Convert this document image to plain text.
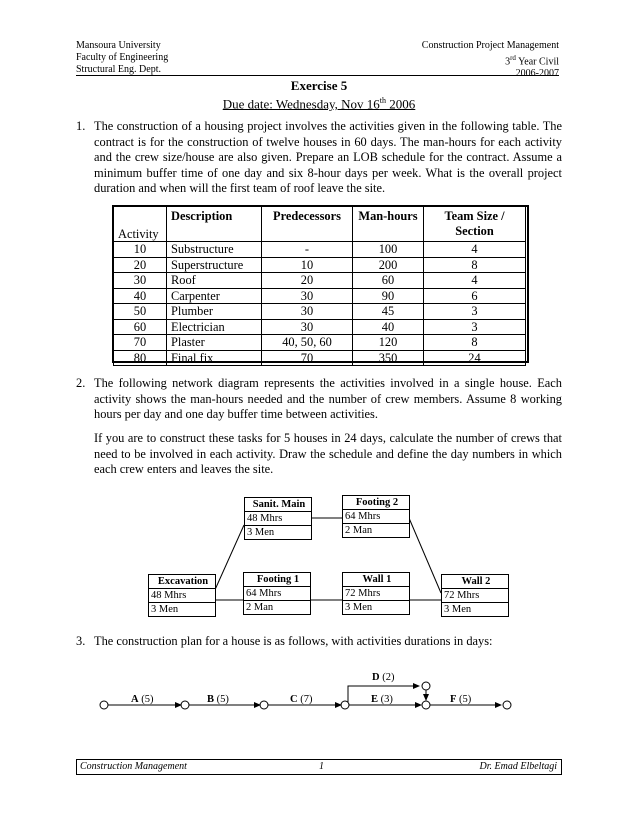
Mansoura University
Faculty of Engineering
Structural Eng. Dept.
Construction Project Management
3rd Year Civil
2006-2007
Exercise 5
Due date: Wednesday, Nov 16th 2006
1. The construction of a housing project involves the activities given in the following table. The contract is for the construction of twelve houses in 60 days. The man-hours for each activity and the crew size/house are also given. Prepare an LOB schedule for the contract. Assume a minimum buffer time of one day and six 8-hour days per week. What is the overall project duration and when will the first team of roof leave the site.
Activity	Description	Predecessors	Man-hours	Team Size / Section
10	Substructure	-	100	4
20	Superstructure	10	200	8
30	Roof	20	60	4
40	Carpenter	30	90	6
50	Plumber	30	45	3
60	Electrician	30	40	3
70	Plaster	40, 50, 60	120	8
80	Final fix	70	350	24
2. The following network diagram represents the activities involved in a single house. Each activity shows the man-hours needed and the number of crew members. Assume 8 working hours per day and one day buffer time between activities.
If you are to construct these tasks for 5 houses in 24 days, calculate the number of crews that need to be involved in each activity. Draw the schedule and define the day numbers in which each crew enters and leaves the site.
Excavation
48 Mhrs
3 Men
Sanit. Main
48 Mhrs
3 Men
Footing 1
64 Mhrs
2 Man
Footing 2
64 Mhrs
2 Man
Wall 1
72 Mhrs
3 Men
Wall 2
72 Mhrs
3 Men
3. The construction plan for a house is as follows, with activities durations in days:
A (5)	B (5)	C (7)
D (2)
E (3)	F (5)
Construction Management	1	Dr. Emad Elbeltagi
